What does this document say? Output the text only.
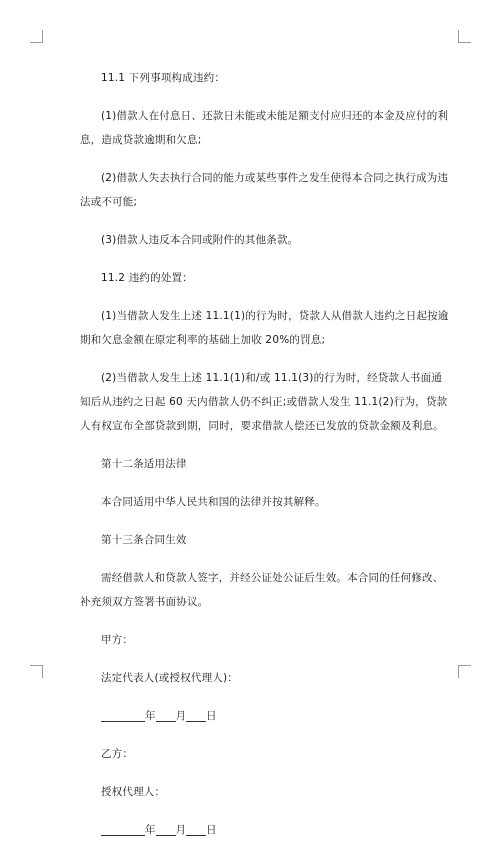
11.1 下列事项构成违约：

(1)借款人在付息日、还款日未能或未能足额支付应归还的本金及应付的利息，造成贷款逾期和欠息;

(2)借款人失去执行合同的能力或某些事件之发生使得本合同之执行成为违法或不可能;

(3)借款人违反本合同或附件的其他条款。

11.2 违约的处置：

(1)当借款人发生上述 11.1(1)的行为时，贷款人从借款人违约之日起按逾期和欠息金额在原定利率的基础上加收 20%的罚息;

(2)当借款人发生上述 11.1(1)和/或 11.1(3)的行为时，经贷款人书面通知后从违约之日起 60 天内借款人仍不纠正;或借款人发生 11.1(2)行为，贷款人有权宣布全部贷款到期，同时，要求借款人偿还已发放的贷款金额及利息。

第十二条适用法律

本合同适用中华人民共和国的法律并按其解释。

第十三条合同生效

需经借款人和贷款人签字，并经公证处公证后生效。本合同的任何修改、补充须双方签署书面协议。

甲方：

法定代表人(或授权代理人)：

年 月 日

乙方：

授权代理人：

年 月 日
